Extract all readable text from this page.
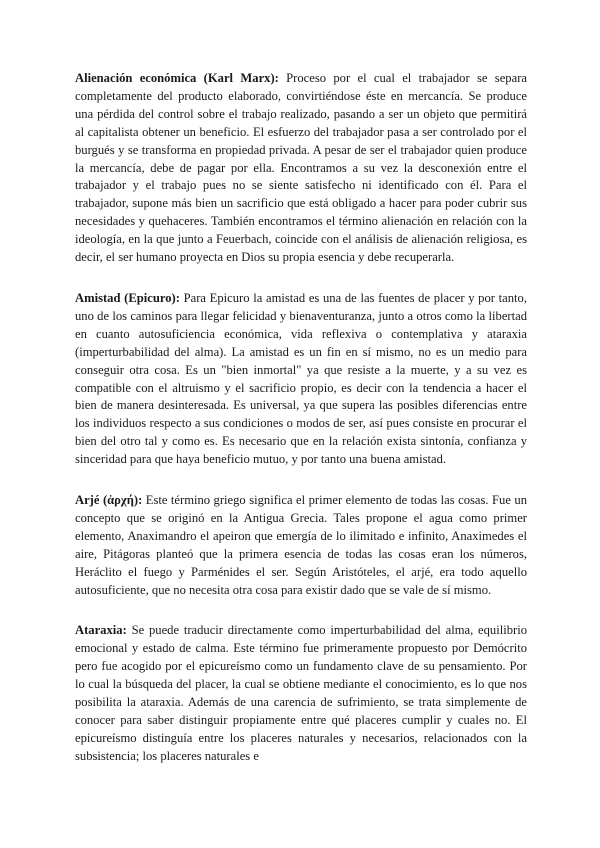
Alienación económica (Karl Marx): Proceso por el cual el trabajador se separa completamente del producto elaborado, convirtiéndose éste en mercancía. Se produce una pérdida del control sobre el trabajo realizado, pasando a ser un objeto que permitirá al capitalista obtener un beneficio. El esfuerzo del trabajador pasa a ser controlado por el burgués y se transforma en propiedad privada. A pesar de ser el trabajador quien produce la mercancía, debe de pagar por ella. Encontramos a su vez la desconexión entre el trabajador y el trabajo pues no se siente satisfecho ni identificado con él. Para el trabajador, supone más bien un sacrificio que está obligado a hacer para poder cubrir sus necesidades y quehaceres. También encontramos el término alienación en relación con la ideología, en la que junto a Feuerbach, coincide con el análisis de alienación religiosa, es decir, el ser humano proyecta en Dios su propia esencia y debe recuperarla.

Amistad (Epicuro): Para Epicuro la amistad es una de las fuentes de placer y por tanto, uno de los caminos para llegar felicidad y bienaventuranza, junto a otros como la libertad en cuanto autosuficiencia económica, vida reflexiva o contemplativa y ataraxia (imperturbabilidad del alma). La amistad es un fin en sí mismo, no es un medio para conseguir otra cosa. Es un "bien inmortal" ya que resiste a la muerte, y a su vez es compatible con el altruismo y el sacrificio propio, es decir con la tendencia a hacer el bien de manera desinteresada. Es universal, ya que supera las posibles diferencias entre los individuos respecto a sus condiciones o modos de ser, así pues consiste en procurar el bien del otro tal y como es. Es necesario que en la relación exista sintonía, confianza y sinceridad para que haya beneficio mutuo, y por tanto una buena amistad.

Arjé (ἀρχή): Este término griego significa el primer elemento de todas las cosas. Fue un concepto que se originó en la Antigua Grecia. Tales propone el agua como primer elemento, Anaximandro el apeiron que emergía de lo ilimitado e infinito, Anaximedes el aire, Pitágoras planteó que la primera esencia de todas las cosas eran los números, Heráclito el fuego y Parménides el ser. Según Aristóteles, el arjé, era todo aquello autosuficiente, que no necesita otra cosa para existir dado que se vale de sí mismo.

Ataraxia: Se puede traducir directamente como imperturbabilidad del alma, equilibrio emocional y estado de calma. Este término fue primeramente propuesto por Demócrito pero fue acogido por el epicureísmo como un fundamento clave de su pensamiento. Por lo cual la búsqueda del placer, la cual se obtiene mediante el conocimiento, es lo que nos posibilita la ataraxia. Además de una carencia de sufrimiento, se trata simplemente de conocer para saber distinguir propiamente entre qué placeres cumplir y cuales no. El epicureísmo distinguía entre los placeres naturales y necesarios, relacionados con la subsistencia; los placeres naturales e
